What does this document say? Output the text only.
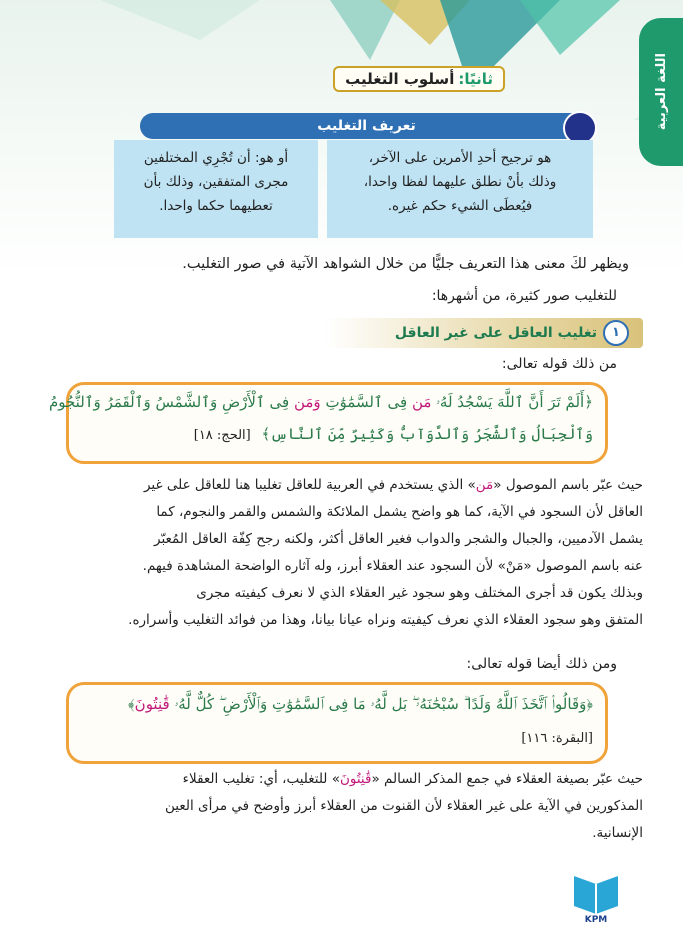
اللغة العربية
ثانيًا:
أسلوب التغليب
تعريف التغليب
هو ترجيح أحدِ الأمرين على الآخر،
وذلك بأنْ نطلق عليهما لفظا واحدا،
فيُعطَى الشيء حكم غيره.
أو هو: أن تُجْرِي المختلفين
مجرى المتفقين، وذلك بأن
تعطيهما حكما واحدا.
ويظهر لكَ معنى هذا التعريف جليًّا من خلال الشواهد الآتية في صور التغليب.
للتغليب صور كثيرة، من أشهرها:
١
تغليب العاقل على غير العاقل
من ذلك قوله تعالى:
﴿أَلَمْ تَرَ أَنَّ ٱللَّهَ يَسْجُدُ لَهُۥ مَن فِى ٱلسَّمَٰوَٰتِ وَمَن فِى ٱلْأَرْضِ وَٱلشَّمْسُ وَٱلْقَمَرُ وَٱلنُّجُومُ
وَٱلْجِبَالُ وَٱلشَّجَرُ وَٱلدَّوَآبُّ وَكَثِيرٌ مِّنَ ٱلنَّاسِ﴾ [الحج: ١٨]
حيث عبّر باسم الموصول «مَن» الذي يستخدم في العربية للعاقل تغليبا هنا للعاقل على غير
العاقل لأن السجود في الآية، كما هو واضح يشمل الملائكة والشمس والقمر والنجوم، كما
يشمل الآدميين، والجبال والشجر والدواب فغير العاقل أكثر، ولكنه رجح كِفّة العاقل المُعبّر
عنه باسم الموصول «مَنْ» لأن السجود عند العقلاء أبرز، وله آثاره الواضحة المشاهدة فيهم.
وبذلك يكون قد أجرى المختلف وهو سجود غير العقلاء الذي لا نعرف كيفيته مجرى
المتفق وهو سجود العقلاء الذي نعرف كيفيته ونراه عيانا بيانا، وهذا من فوائد التغليب وأسراره.
ومن ذلك أيضا قوله تعالى:
﴿وَقَالُوا۟ ٱتَّخَذَ ٱللَّهُ وَلَدًا ۗ سُبْحَٰنَهُۥ ۖ بَل لَّهُۥ مَا فِى ٱلسَّمَٰوَٰتِ وَٱلْأَرْضِ ۖ كُلٌّ لَّهُۥ قَٰنِتُونَ﴾
[البقرة: ١١٦]
حيث عبّر بصيغة العقلاء في جمع المذكر السالم «قَٰنِتُونَ» للتغليب، أي: تغليب العقلاء
المذكورين في الآية على غير العقلاء لأن القنوت من العقلاء أبرز وأوضح في مرأى العين
الإنسانية.
KPM
١٠
